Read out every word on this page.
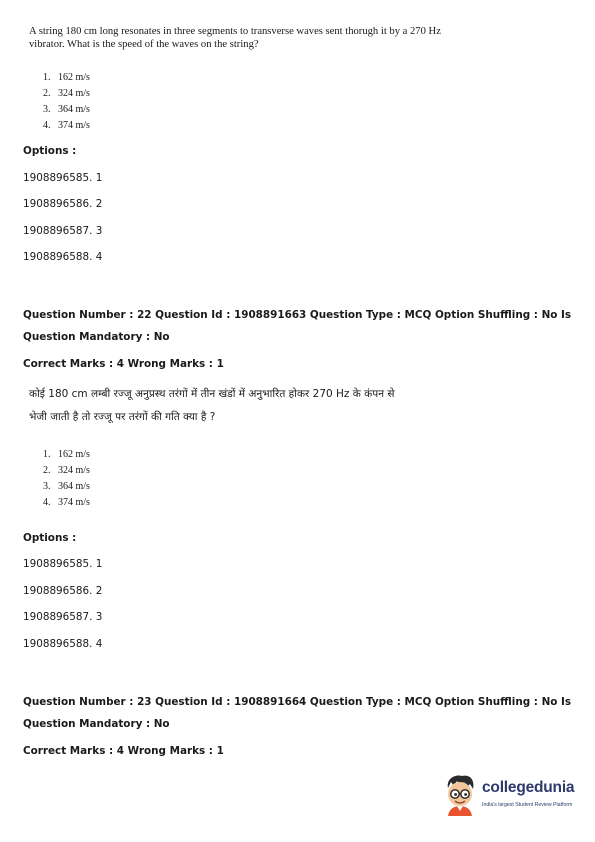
A string 180 cm long resonates in three segments to transverse waves sent thorugh it by a 270 Hz
vibrator. What is the speed of the waves on the string?
1. 162 m/s
2. 324 m/s
3. 364 m/s
4. 374 m/s
Options :
1908896585. 1
1908896586. 2
1908896587. 3
1908896588. 4
Question Number : 22 Question Id : 1908891663 Question Type : MCQ Option Shuffling : No Is
Question Mandatory : No
Correct Marks : 4 Wrong Marks : 1
कोई 180 cm लम्बी रज्जू अनुप्रस्थ तरंगों में तीन खंडों में अनुभारित होकर 270 Hz के कंपन से
भेजी जाती है तो रज्जू पर तरंगों की गति क्या है ?
1. 162 m/s
2. 324 m/s
3. 364 m/s
4. 374 m/s
Options :
1908896585. 1
1908896586. 2
1908896587. 3
1908896588. 4
Question Number : 23 Question Id : 1908891664 Question Type : MCQ Option Shuffling : No Is
Question Mandatory : No
Correct Marks : 4 Wrong Marks : 1
collegedunia
India's largest Student Review Platform
